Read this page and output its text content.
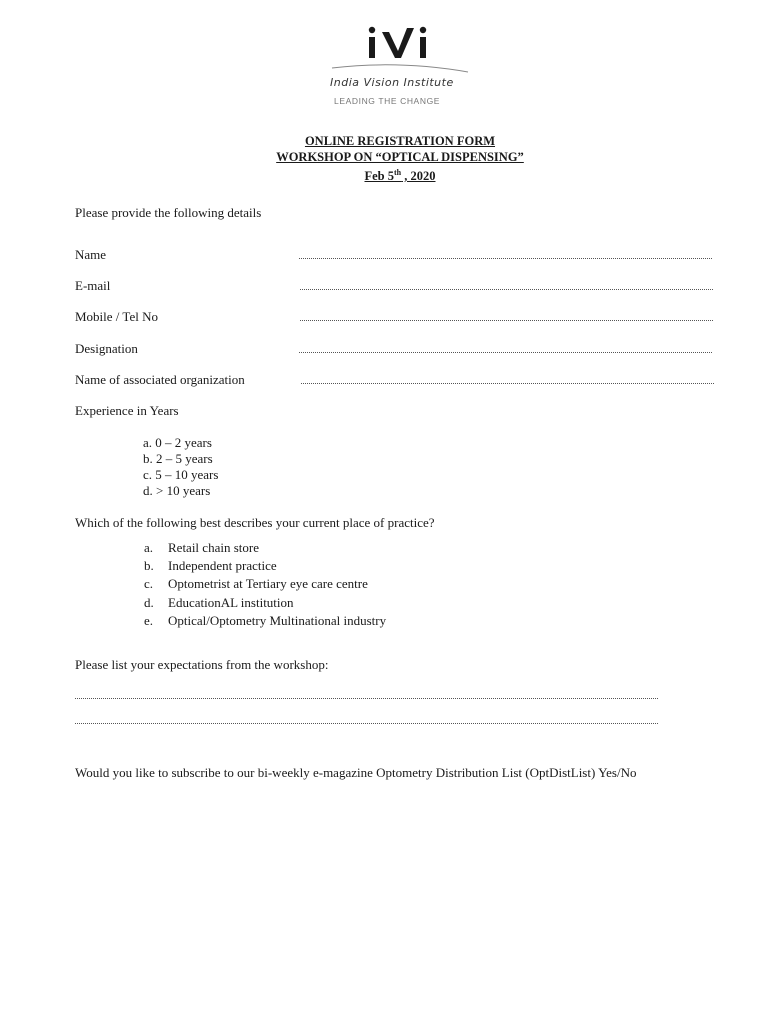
India Vision Institute
LEADING THE CHANGE
ONLINE REGISTRATION FORM
WORKSHOP ON “OPTICAL DISPENSING”
Feb 5th , 2020
Please provide the following details
Name
E-mail
Mobile / Tel No
Designation
Name of associated organization
Experience in Years
a. 0 – 2 years
b. 2 – 5 years
c. 5 – 10 years
d. > 10 years
Which of the following best describes your current place of practice?
a. Retail chain store
b. Independent practice
c. Optometrist at Tertiary eye care centre
d. EducationAL institution
e. Optical/Optometry Multinational industry
Please list your expectations from the workshop:
Would you like to subscribe to our bi-weekly e-magazine Optometry Distribution List (OptDistList) Yes/No
